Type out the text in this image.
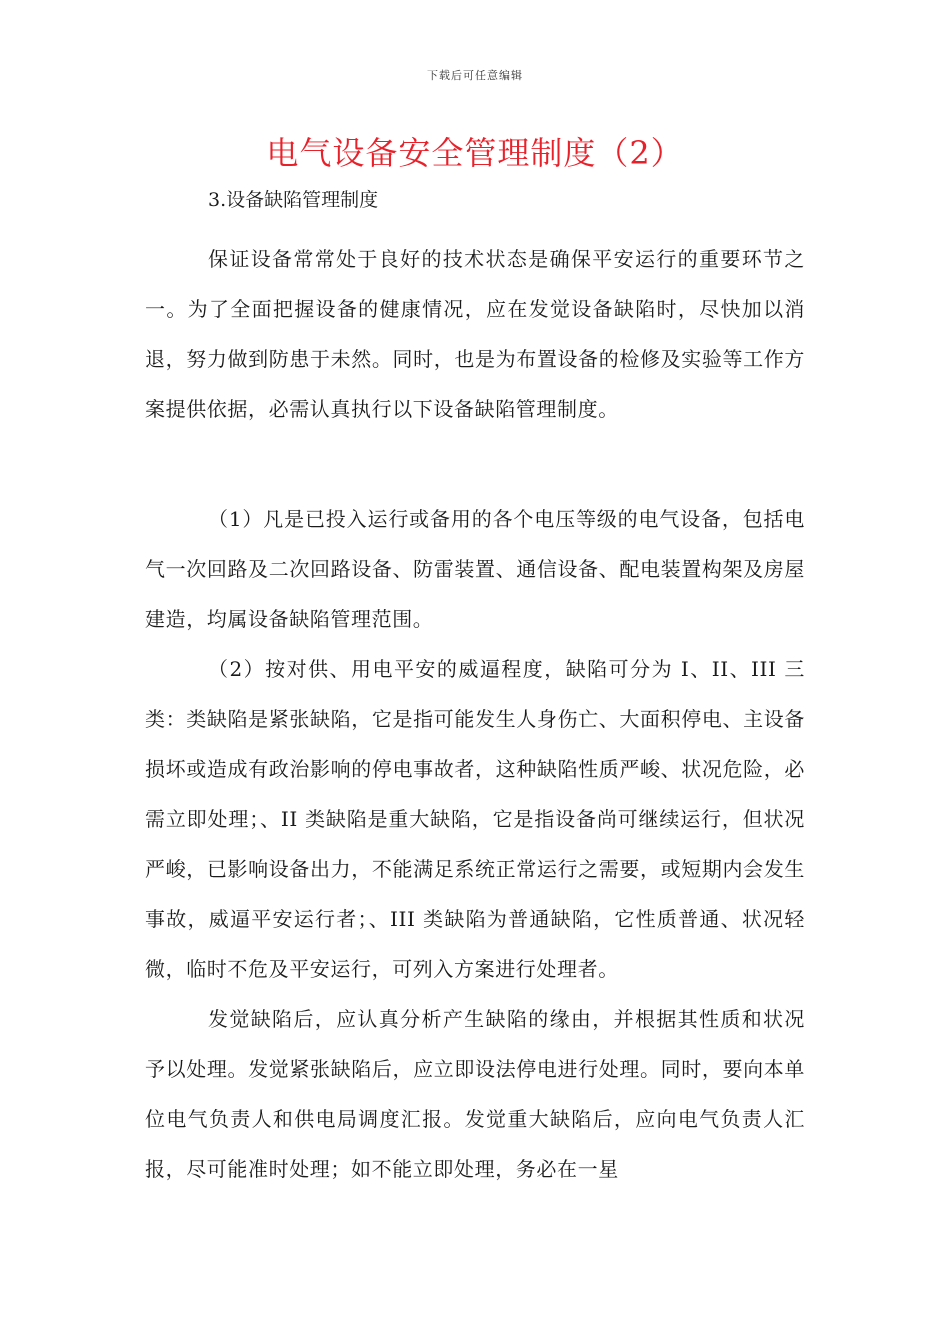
下载后可任意编辑
电气设备安全管理制度（2）

3.设备缺陷管理制度

保证设备常常处于良好的技术状态是确保平安运行的重要环节之一。为了全面把握设备的健康情况，应在发觉设备缺陷时，尽快加以消退，努力做到防患于未然。同时，也是为布置设备的检修及实验等工作方案提供依据，必需认真执行以下设备缺陷管理制度。

（1）凡是已投入运行或备用的各个电压等级的电气设备，包括电气一次回路及二次回路设备、防雷装置、通信设备、配电装置构架及房屋建造，均属设备缺陷管理范围。

（2）按对供、用电平安的威逼程度，缺陷可分为 I、II、III 三类：类缺陷是紧张缺陷，它是指可能发生人身伤亡、大面积停电、主设备损坏或造成有政治影响的停电事故者，这种缺陷性质严峻、状况危险，必需立即处理；、II 类缺陷是重大缺陷，它是指设备尚可继续运行，但状况严峻，已影响设备出力，不能满足系统正常运行之需要，或短期内会发生事故，威逼平安运行者；、III 类缺陷为普通缺陷，它性质普通、状况轻微，临时不危及平安运行，可列入方案进行处理者。

发觉缺陷后，应认真分析产生缺陷的缘由，并根据其性质和状况予以处理。发觉紧张缺陷后，应立即设法停电进行处理。同时，要向本单位电气负责人和供电局调度汇报。发觉重大缺陷后，应向电气负责人汇报，尽可能准时处理；如不能立即处理，务必在一星
